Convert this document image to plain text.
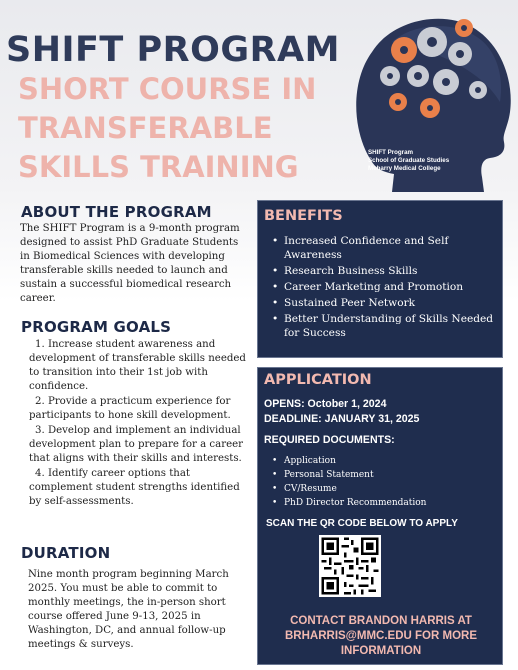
SHIFT PROGRAM
SHORT COURSE IN TRANSFERABLE SKILLS TRAINING	SHIFT Program
School of Graduate Studies
Meharry Medical College
ABOUT THE PROGRAM

The SHIFT Program is a 9-month program designed to assist PhD Graduate Students in Biomedical Sciences with developing transferable skills needed to launch and sustain a successful biomedical research career.

PROGRAM GOALS

1. Increase student awareness and development of transferable skills needed to transition into their 1st job with confidence.

2. Provide a practicum experience for participants to hone skill development.

3. Develop and implement an individual development plan to prepare for a career that aligns with their skills and interests.

4. Identify career options that complement student strengths identified by self-assessments.

DURATION

Nine month program beginning March 2025. You must be able to commit to monthly meetings, the in-person short course offered June 9-13, 2025 in Washington, DC, and annual follow-up meetings & surveys.

BENEFITS
• Increased Confidence and Self Awareness
• Research Business Skills
• Career Marketing and Promotion
• Sustained Peer Network
• Better Understanding of Skills Needed for Success
APPLICATION

OPENS: October 1, 2024

DEADLINE: JANUARY 31, 2025

REQUIRED DOCUMENTS:

• Application
• Personal Statement
• CV/Resume
• PhD Director Recommendation

SCAN THE QR CODE BELOW TO APPLY

CONTACT BRANDON HARRIS AT BRHARRIS@MMC.EDU FOR MORE INFORMATION
